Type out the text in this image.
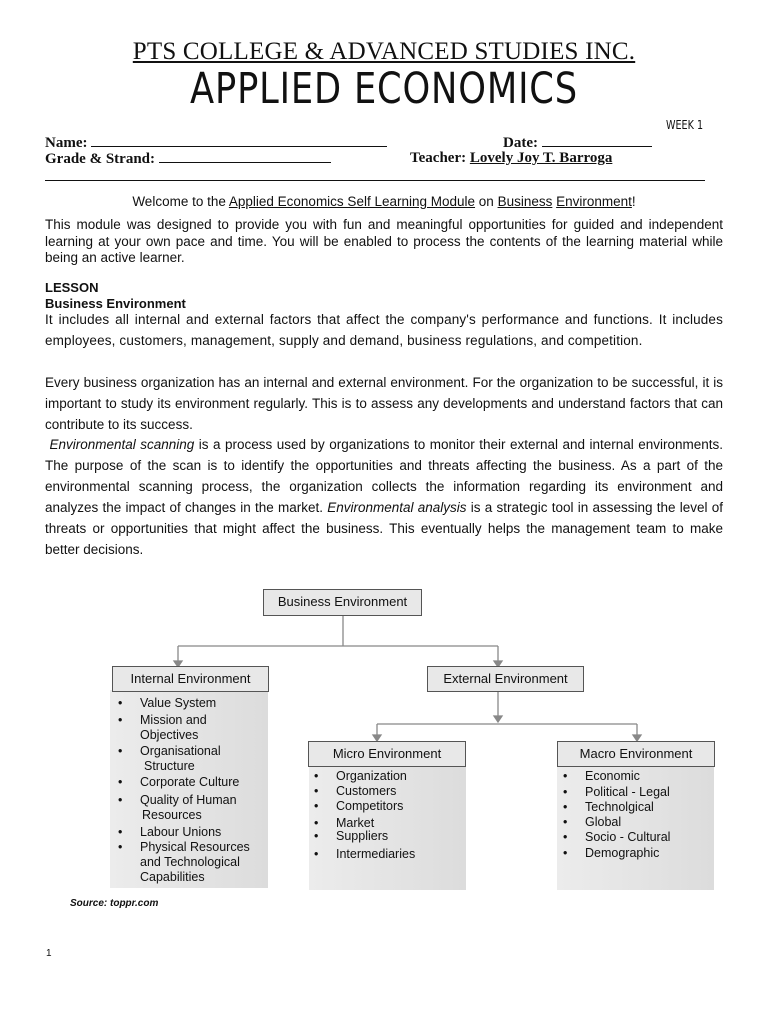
PTS COLLEGE & ADVANCED STUDIES INC.
APPLIED ECONOMICS
WEEK 1
Name:	Date:
Grade & Strand:	Teacher: Lovely Joy T. Barroga
Welcome to the Applied Economics Self Learning Module on Business Environment!
This module was designed to provide you with fun and meaningful opportunities for guided and independent learning at your own pace and time. You will be enabled to process the contents of the learning material while being an active learner.
LESSON
Business Environment
It includes all internal and external factors that affect the company's performance and functions. It includes employees, customers, management, supply and demand, business regulations, and competition.
Every business organization has an internal and external environment. For the organization to be successful, it is important to study its environment regularly. This is to assess any developments and understand factors that can contribute to its success.
Environmental scanning is a process used by organizations to monitor their external and internal environments. The purpose of the scan is to identify the opportunities and threats affecting the business. As a part of the environmental scanning process, the organization collects the information regarding its environment and analyzes the impact of changes in the market. Environmental analysis is a strategic tool in assessing the level of threats or opportunities that might affect the business. This eventually helps the management team to make better decisions.
Business Environment
Internal Environment	External Environment
Micro Environment	Macro Environment
• Value System
• Mission and
Objectives
• Organisational
Structure
• Corporate Culture
• Quality of Human
Resources
• Labour Unions
• Physical Resources
and Technological
Capabilities
• Organization
• Customers
• Competitors
• Market
• Suppliers
• Intermediaries
• Economic
• Political - Legal
• Technolgical
• Global
• Socio - Cultural
• Demographic
Source: toppr.com
1
